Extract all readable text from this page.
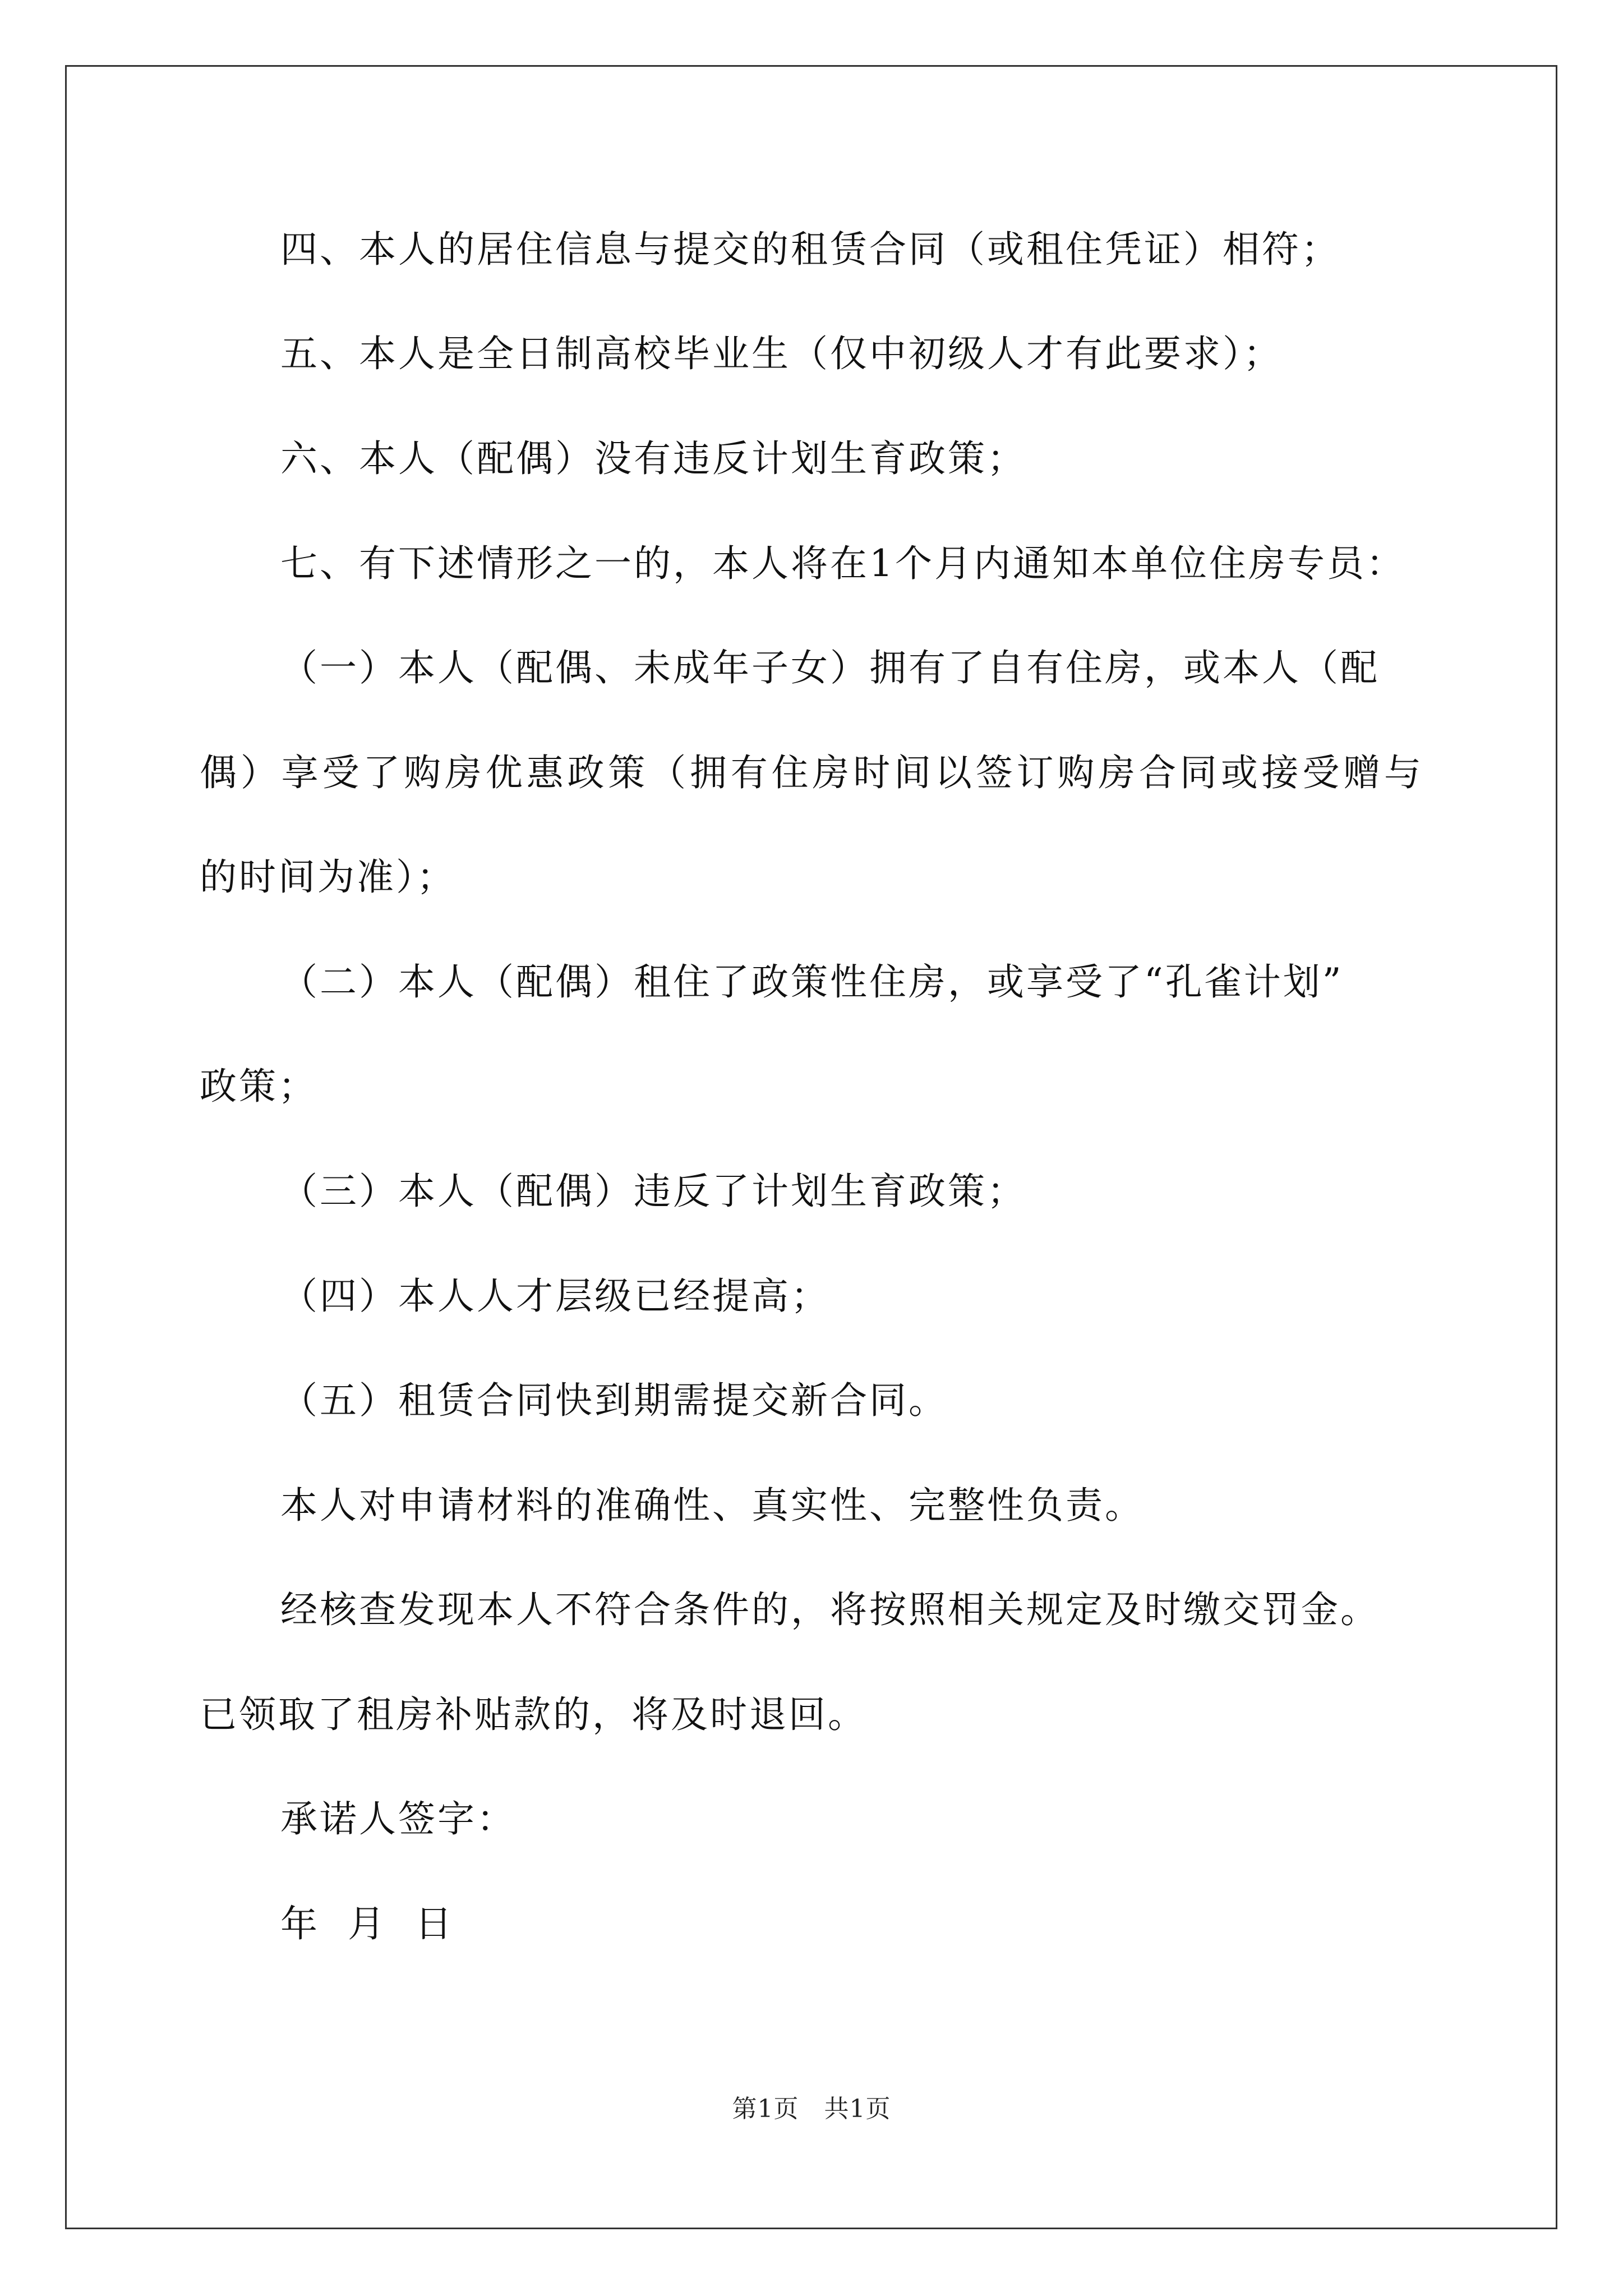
四、本人的居住信息与提交的租赁合同（或租住凭证）相符；
五、本人是全日制高校毕业生（仅中初级人才有此要求）；
六、本人（配偶）没有违反计划生育政策；
七、有下述情形之一的，本人将在1个月内通知本单位住房专员：
（一）本人（配偶、未成年子女）拥有了自有住房，或本人（配
偶）享受了购房优惠政策（拥有住房时间以签订购房合同或接受赠与
的时间为准）；
（二）本人（配偶）租住了政策性住房，或享受了“孔雀计划”
政策；
（三）本人（配偶）违反了计划生育政策；
（四）本人人才层级已经提高；
（五）租赁合同快到期需提交新合同。
本人对申请材料的准确性、真实性、完整性负责。
经核查发现本人不符合条件的，将按照相关规定及时缴交罚金。
已领取了租房补贴款的，将及时退回。
承诺人签字：
年  月  日
第1页　共1页
